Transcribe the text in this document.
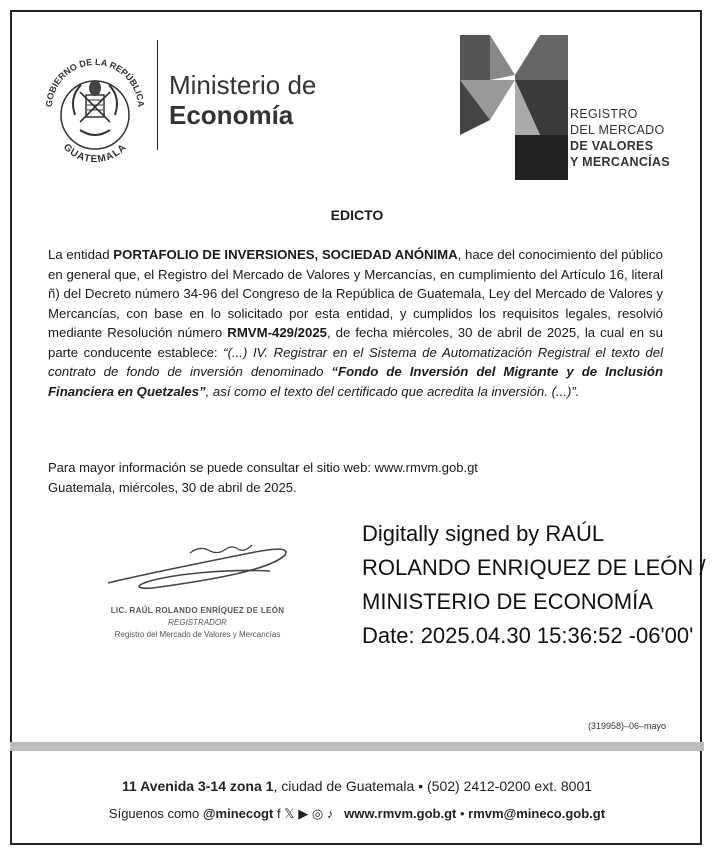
GOBIERNO DE LA REPÚBLICA
GUATEMALA
Ministerio de
Economía	REGISTRO
DEL MERCADO
DE VALORES
Y MERCANCÍAS
EDICTO
La entidad PORTAFOLIO DE INVERSIONES, SOCIEDAD ANÓNIMA, hace del conocimiento del público en general que, el Registro del Mercado de Valores y Mercancías, en cumplimiento del Artículo 16, literal ñ) del Decreto número 34-96 del Congreso de la República de Guatemala, Ley del Mercado de Valores y Mercancías, con base en lo solicitado por esta entidad, y cumplidos los requisitos legales, resolvió mediante Resolución número RMVM-429/2025, de fecha miércoles, 30 de abril de 2025, la cual en su parte conducente establece: “(...) IV. Registrar en el Sistema de Automatización Registral el texto del contrato de fondo de inversión denominado “Fondo de Inversión del Migrante y de Inclusión Financiera en Quetzales”, así como el texto del certificado que acredita la inversión. (...)”.
Para mayor información se puede consultar el sitio web: www.rmvm.gob.gt
Guatemala, miércoles, 30 de abril de 2025.
LIC. RAÚL ROLANDO ENRÍQUEZ DE LEÓN
REGISTRADOR
Registro del Mercado de Valores y Mercancías
Digitally signed by RAÚL
ROLANDO ENRIQUEZ DE LEÓN /
MINISTERIO DE ECONOMÍA
Date: 2025.04.30 15:36:52 -06'00'
(319958)–06–mayo
11 Avenida 3-14 zona 1, ciudad de Guatemala • (502) 2412-0200 ext. 8001
Síguenos como @minecogt f 𝕏 ▶ ◎ ♪ www.rmvm.gob.gt • rmvm@mineco.gob.gt
